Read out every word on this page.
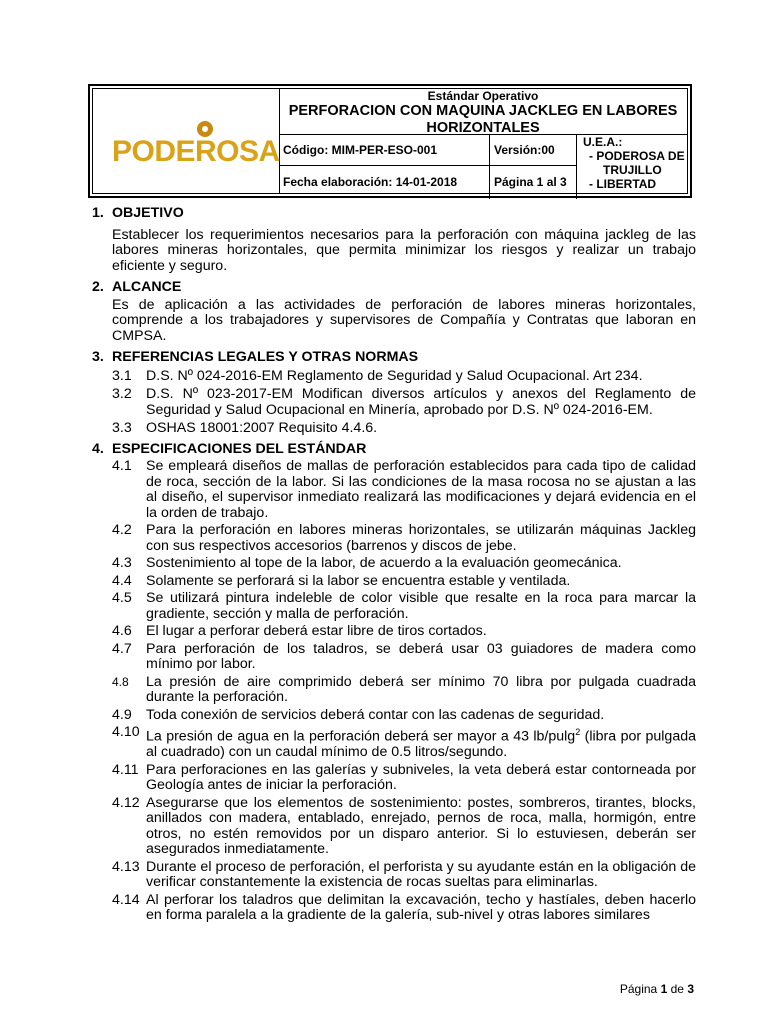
PODEROSA
Estándar Operativo
PERFORACION CON MAQUINA JACKLEG EN LABORES
HORIZONTALES
Código: MIM-PER-ESO-001	Versión:00
Fecha elaboración: 14-01-2018	Página 1 al 3
U.E.A.:
- PODEROSA DE
TRUJILLO
- LIBERTAD

1. OBJETIVO

Establecer los requerimientos necesarios para la perforación con máquina jackleg de las labores mineras horizontales, que permita minimizar los riesgos y realizar un trabajo eficiente y seguro.

2. ALCANCE

Es de aplicación a las actividades de perforación de labores mineras horizontales, comprende a los trabajadores y supervisores de Compañía y Contratas que laboran en CMPSA.

3. REFERENCIAS LEGALES Y OTRAS NORMAS

3.1 D.S. Nº 024-2016-EM Reglamento de Seguridad y Salud Ocupacional. Art 234.

3.2 D.S. Nº 023-2017-EM Modifican diversos artículos y anexos del Reglamento de Seguridad y Salud Ocupacional en Minería, aprobado por D.S. Nº 024-2016-EM.

3.3 OSHAS 18001:2007 Requisito 4.4.6.

4. ESPECIFICACIONES DEL ESTÁNDAR

4.1 Se empleará diseños de mallas de perforación establecidos para cada tipo de calidad de roca, sección de la labor. Si las condiciones de la masa rocosa no se ajustan a las al diseño, el supervisor inmediato realizará las modificaciones y dejará evidencia en el la orden de trabajo.

4.2 Para la perforación en labores mineras horizontales, se utilizarán máquinas Jackleg con sus respectivos accesorios (barrenos y discos de jebe.

4.3 Sostenimiento al tope de la labor, de acuerdo a la evaluación geomecánica.

4.4 Solamente se perforará si la labor se encuentra estable y ventilada.

4.5 Se utilizará pintura indeleble de color visible que resalte en la roca para marcar la gradiente, sección y malla de perforación.

4.6 El lugar a perforar deberá estar libre de tiros cortados.

4.7 Para perforación de los taladros, se deberá usar 03 guiadores de madera como mínimo por labor.

4.8 La presión de aire comprimido deberá ser mínimo 70 libra por pulgada cuadrada durante la perforación.

4.9 Toda conexión de servicios deberá contar con las cadenas de seguridad.

4.10 La presión de agua en la perforación deberá ser mayor a 43 lb/pulg$^2$ (libra por pulgada al cuadrado) con un caudal mínimo de 0.5 litros/segundo.

4.11 Para perforaciones en las galerías y subniveles, la veta deberá estar contorneada por Geología antes de iniciar la perforación.

4.12 Asegurarse que los elementos de sostenimiento: postes, sombreros, tirantes, blocks, anillados con madera, entablado, enrejado, pernos de roca, malla, hormigón, entre otros, no estén removidos por un disparo anterior. Si lo estuviesen, deberán ser asegurados inmediatamente.

4.13 Durante el proceso de perforación, el perforista y su ayudante están en la obligación de verificar constantemente la existencia de rocas sueltas para eliminarlas.

4.14 Al perforar los taladros que delimitan la excavación, techo y hastíales, deben hacerlo en forma paralela a la gradiente de la galería, sub-nivel y otras labores similares

Página 1 de 3
